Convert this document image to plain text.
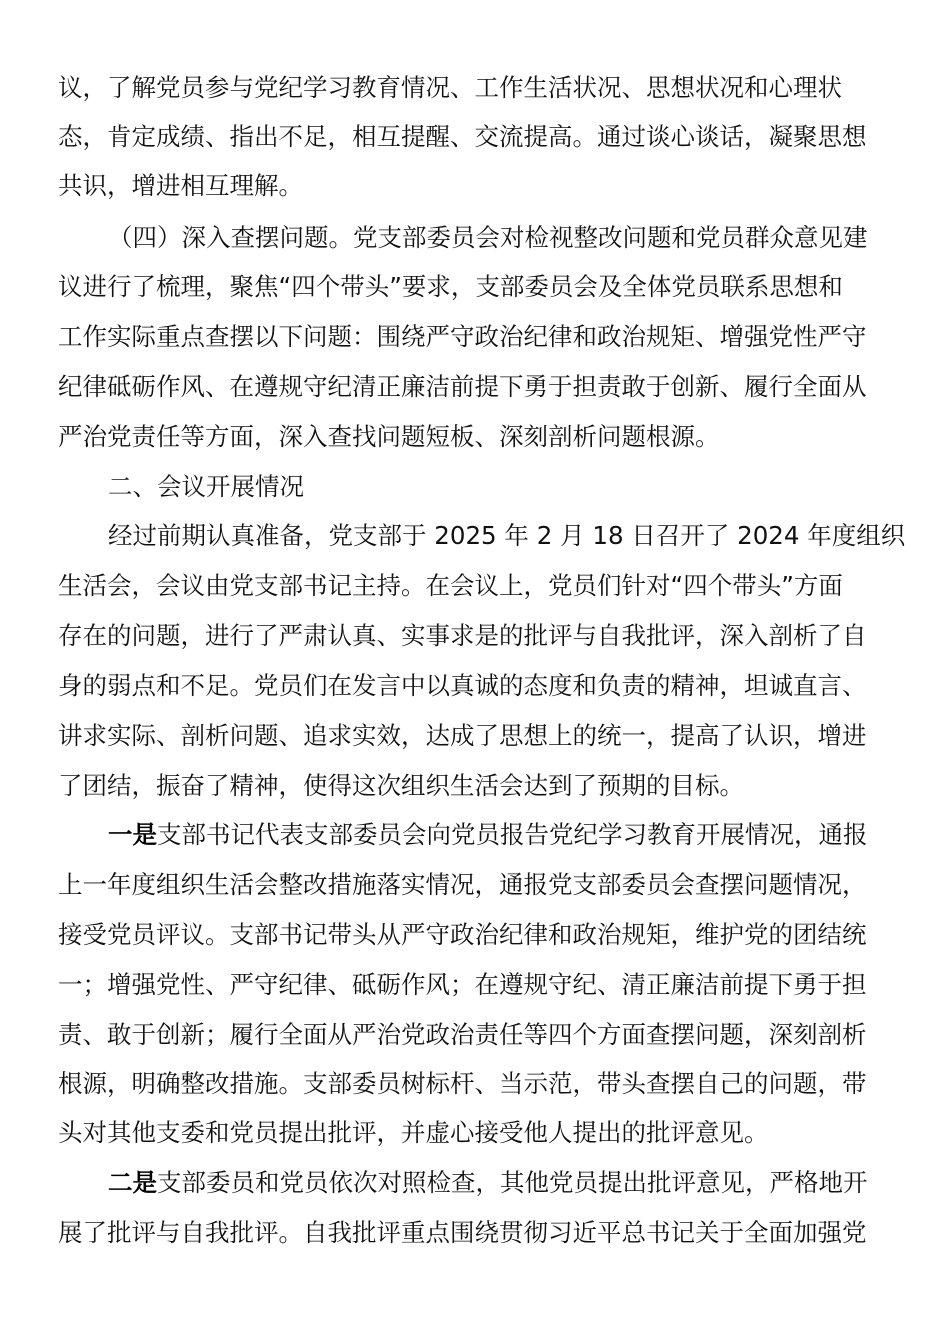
议，了解党员参与党纪学习教育情况、工作生活状况、思想状况和心理状
态，肯定成绩、指出不足，相互提醒、交流提高。通过谈心谈话，凝聚思想
共识，增进相互理解。
（四）深入查摆问题。党支部委员会对检视整改问题和党员群众意见建
议进行了梳理，聚焦“四个带头”要求，支部委员会及全体党员联系思想和
工作实际重点查摆以下问题：围绕严守政治纪律和政治规矩、增强党性严守
纪律砥砺作风、在遵规守纪清正廉洁前提下勇于担责敢于创新、履行全面从
严治党责任等方面，深入查找问题短板、深刻剖析问题根源。
二、会议开展情况
经过前期认真准备，党支部于 2025 年 2 月 18 日召开了 2024 年度组织
生活会，会议由党支部书记主持。在会议上，党员们针对“四个带头”方面
存在的问题，进行了严肃认真、实事求是的批评与自我批评，深入剖析了自
身的弱点和不足。党员们在发言中以真诚的态度和负责的精神，坦诚直言、
讲求实际、剖析问题、追求实效，达成了思想上的统一，提高了认识，增进
了团结，振奋了精神，使得这次组织生活会达到了预期的目标。
一是支部书记代表支部委员会向党员报告党纪学习教育开展情况，通报
上一年度组织生活会整改措施落实情况，通报党支部委员会查摆问题情况，
接受党员评议。支部书记带头从严守政治纪律和政治规矩，维护党的团结统
一；增强党性、严守纪律、砥砺作风；在遵规守纪、清正廉洁前提下勇于担
责、敢于创新；履行全面从严治党政治责任等四个方面查摆问题，深刻剖析
根源，明确整改措施。支部委员树标杆、当示范，带头查摆自己的问题，带
头对其他支委和党员提出批评，并虚心接受他人提出的批评意见。
二是支部委员和党员依次对照检查，其他党员提出批评意见，严格地开
展了批评与自我批评。自我批评重点围绕贯彻习近平总书记关于全面加强党
